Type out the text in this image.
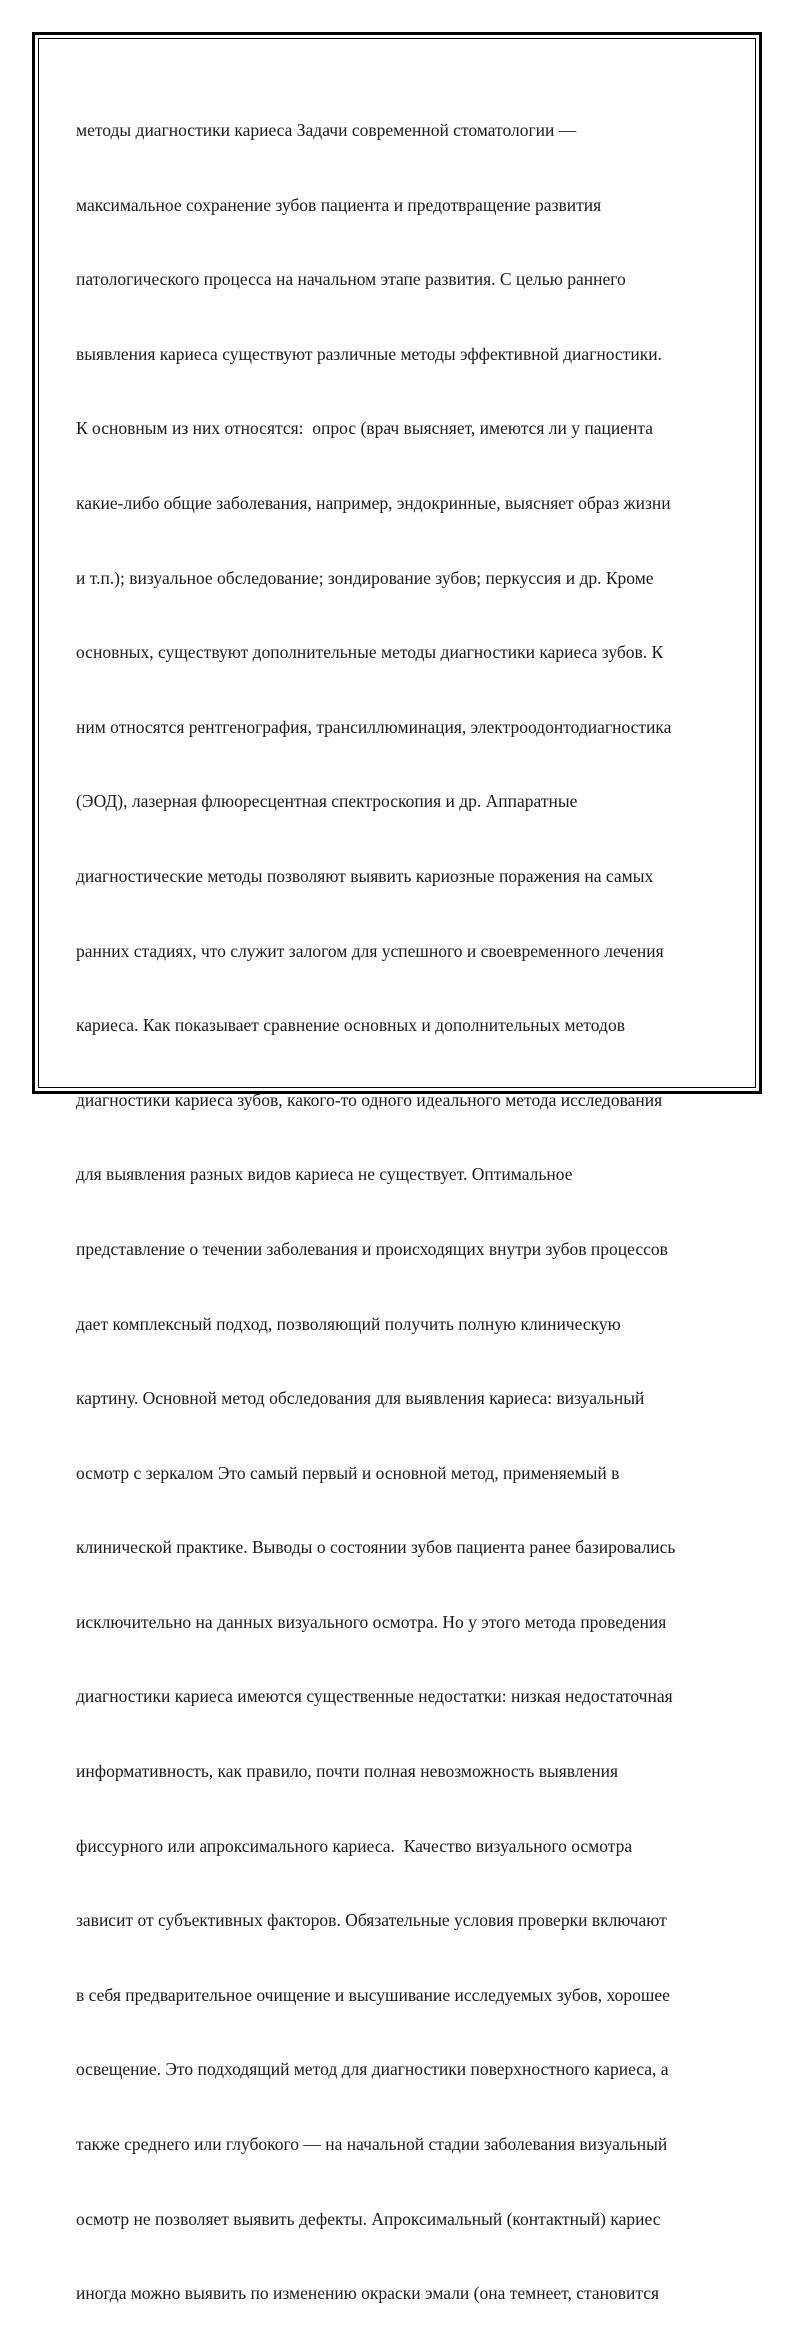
методы диагностики кариеса Задачи современной стоматологии —

максимальное сохранение зубов пациента и предотвращение развития

патологического процесса на начальном этапе развития. С целью раннего

выявления кариеса существуют различные методы эффективной диагностики.

К основным из них относятся:  опрос (врач выясняет, имеются ли у пациента

какие-либо общие заболевания, например, эндокринные, выясняет образ жизни

и т.п.); визуальное обследование; зондирование зубов; перкуссия и др. Кроме

основных, существуют дополнительные методы диагностики кариеса зубов. К

ним относятся рентгенография, трансиллюминация, электроодонтодиагностика

(ЭОД), лазерная флюоресцентная спектроскопия и др. Аппаратные

диагностические методы позволяют выявить кариозные поражения на самых

ранних стадиях, что служит залогом для успешного и своевременного лечения

кариеса. Как показывает сравнение основных и дополнительных методов

диагностики кариеса зубов, какого-то одного идеального метода исследования

для выявления разных видов кариеса не существует. Оптимальное

представление о течении заболевания и происходящих внутри зубов процессов

дает комплексный подход, позволяющий получить полную клиническую

картину. Основной метод обследования для выявления кариеса: визуальный

осмотр с зеркалом Это самый первый и основной метод, применяемый в

клинической практике. Выводы о состоянии зубов пациента ранее базировались

исключительно на данных визуального осмотра. Но у этого метода проведения

диагностики кариеса имеются существенные недостатки: низкая недостаточная

информативность, как правило, почти полная невозможность выявления

фиссурного или апроксимального кариеса.  Качество визуального осмотра

зависит от субъективных факторов. Обязательные условия проверки включают

в себя предварительное очищение и высушивание исследуемых зубов, хорошее

освещение. Это подходящий метод для диагностики поверхностного кариеса, а

также среднего или глубокого — на начальной стадии заболевания визуальный

осмотр не позволяет выявить дефекты. Апроксимальный (контактный) кариес

иногда можно выявить по изменению окраски эмали (она темнеет, становится
